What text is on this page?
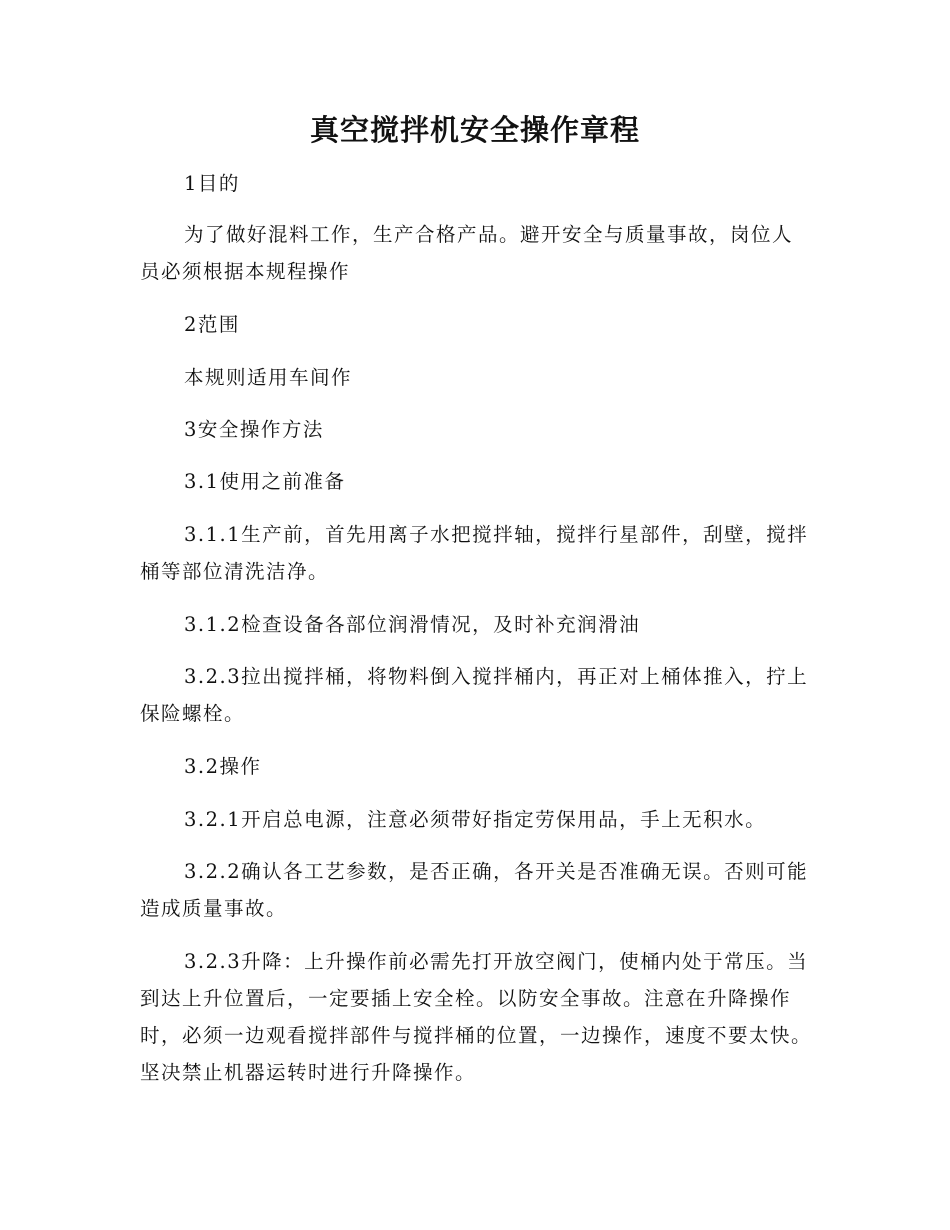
真空搅拌机安全操作章程

1目的

为了做好混料工作，生产合格产品。避开安全与质量事故，岗位人员必须根据本规程操作

2范围

本规则适用车间作

3安全操作方法

3.1使用之前准备

3.1.1生产前，首先用离子水把搅拌轴，搅拌行星部件，刮壁，搅拌桶等部位清洗洁净。

3.1.2检查设备各部位润滑情况，及时补充润滑油

3.2.3拉出搅拌桶，将物料倒入搅拌桶内，再正对上桶体推入，拧上保险螺栓。

3.2操作

3.2.1开启总电源，注意必须带好指定劳保用品，手上无积水。

3.2.2确认各工艺参数，是否正确，各开关是否准确无误。否则可能造成质量事故。

3.2.3升降：上升操作前必需先打开放空阀门，使桶内处于常压。当到达上升位置后，一定要插上安全栓。以防安全事故。注意在升降操作时，必须一边观看搅拌部件与搅拌桶的位置，一边操作，速度不要太快。坚决禁止机器运转时进行升降操作。
